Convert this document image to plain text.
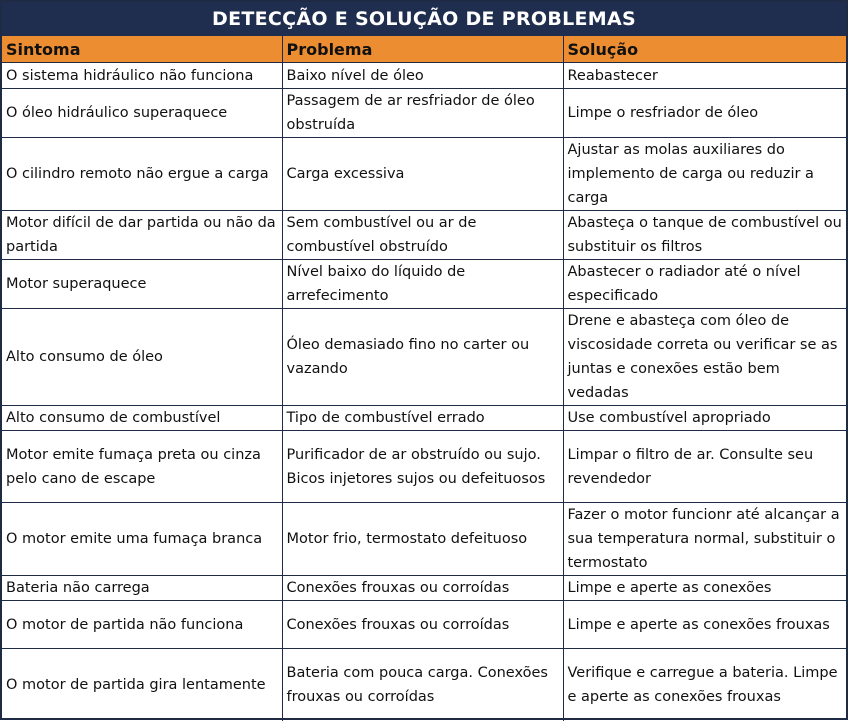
DETECÇÃO E SOLUÇÃO DE PROBLEMAS
Sintoma	Problema	Solução
O sistema hidráulico não funciona	Baixo nível de óleo	Reabastecer
O óleo hidráulico superaquece	Passagem de ar resfriador de óleo obstruída	Limpe o resfriador de óleo
O cilindro remoto não ergue a carga	Carga excessiva	Ajustar as molas auxiliares do implemento de carga ou reduzir a carga
Motor difícil de dar partida ou não da partida	Sem combustível ou ar de combustível obstruído	Abasteça o tanque de combustível ou substituir os filtros
Motor superaquece	Nível baixo do líquido de arrefecimento	Abastecer o radiador até o nível especificado
Alto consumo de óleo	Óleo demasiado fino no carter ou vazando	Drene e abasteça com óleo de viscosidade correta ou verificar se as juntas e conexões estão bem vedadas
Alto consumo de combustível	Tipo de combustível errado	Use combustível apropriado
Motor emite fumaça preta ou cinza pelo cano de escape	Purificador de ar obstruído ou sujo. Bicos injetores sujos ou defeituosos	Limpar o filtro de ar. Consulte seu revendedor
O motor emite uma fumaça branca	Motor frio, termostato defeituoso	Fazer o motor funcionr até alcançar a sua temperatura normal, substituir o termostato
Bateria não carrega	Conexões frouxas ou corroídas	Limpe e aperte as conexões
O motor de partida não funciona	Conexões frouxas ou corroídas	Limpe e aperte as conexões frouxas
O motor de partida gira lentamente	Bateria com pouca carga. Conexões frouxas ou corroídas	Verifique e carregue a bateria. Limpe e aperte as conexões frouxas
